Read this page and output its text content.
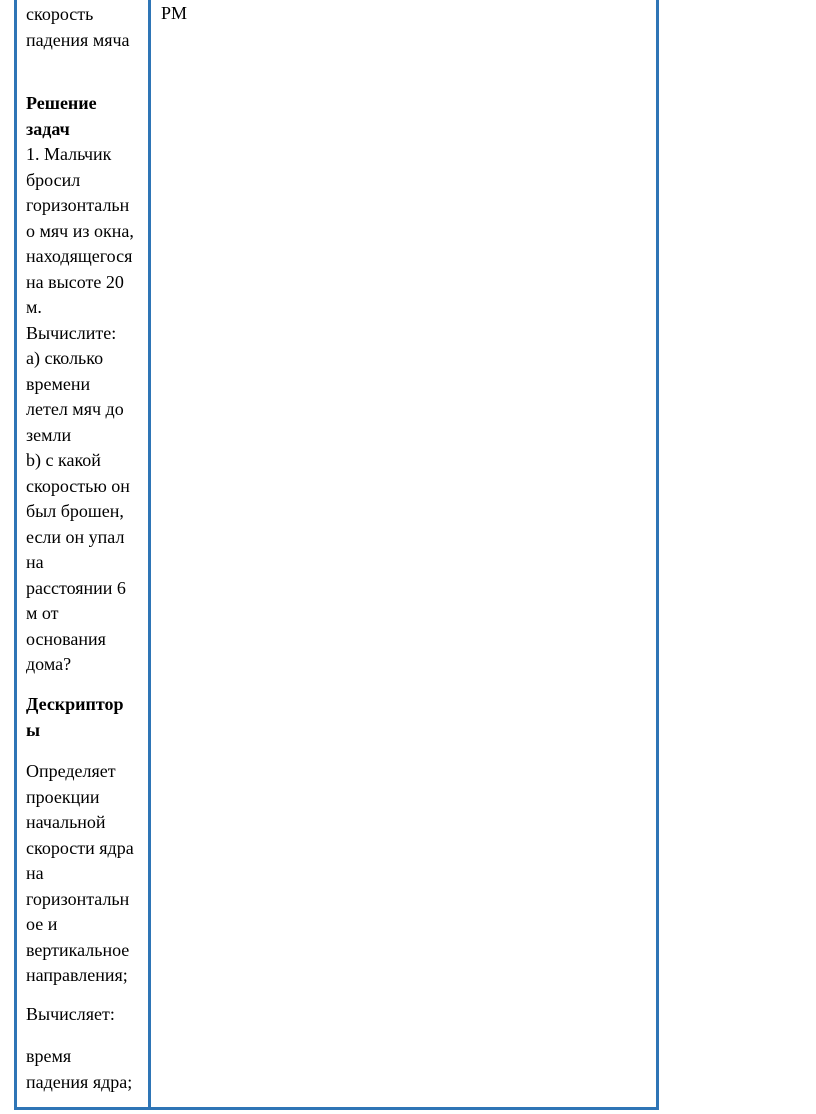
скорость
падения мяча
Решение
задач
1. Мальчик
бросил
горизонтальн
о мяч из окна,
находящегося
на высоте 20
м.
Вычислите:
а) сколько
времени
летел мяч до
земли
b) с какой
скоростью он
был брошен,
если он упал
на
расстоянии 6
м от
основания
дома?
Дескриптор
ы
Определяет
проекции
начальной
скорости ядра
на
горизонтальн
ое и
вертикальное
направления;
Вычисляет:
время
падения ядра;
РМ
